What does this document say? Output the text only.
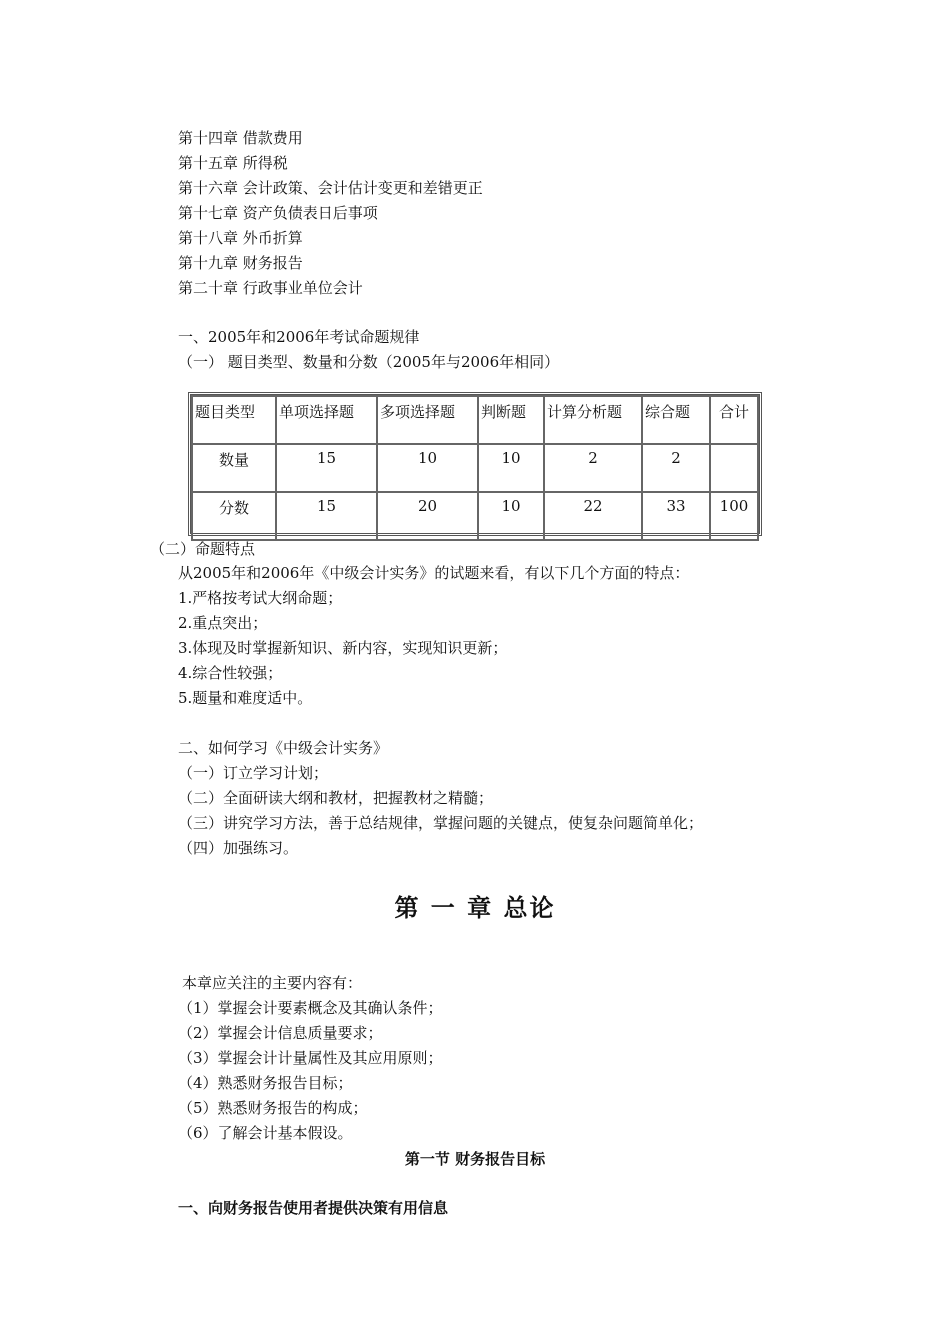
第十四章 借款费用
第十五章 所得税
第十六章 会计政策、会计估计变更和差错更正
第十七章 资产负债表日后事项
第十八章 外币折算
第十九章 财务报告
第二十章 行政事业单位会计
一、2005年和2006年考试命题规律
（一） 题目类型、数量和分数（2005年与2006年相同）
题目类型	单项选择题	多项选择题	判断题	计算分析题	综合题	合计
数量	15	10	10	2	2	
分数	15	20	10	22	33	100
（二）命题特点
从2005年和2006年《中级会计实务》的试题来看，有以下几个方面的特点：
1.严格按考试大纲命题；
2.重点突出；
3.体现及时掌握新知识、新内容，实现知识更新；
4.综合性较强；
5.题量和难度适中。
二、如何学习《中级会计实务》
（一）订立学习计划；
（二）全面研读大纲和教材，把握教材之精髓；
（三）讲究学习方法，善于总结规律，掌握问题的关键点，使复杂问题简单化；
（四）加强练习。
第 一 章 总论
本章应关注的主要内容有：
（1）掌握会计要素概念及其确认条件；
（2）掌握会计信息质量要求；
（3）掌握会计计量属性及其应用原则；
（4）熟悉财务报告目标；
（5）熟悉财务报告的构成；
（6）了解会计基本假设。
第一节 财务报告目标
一、向财务报告使用者提供决策有用信息
